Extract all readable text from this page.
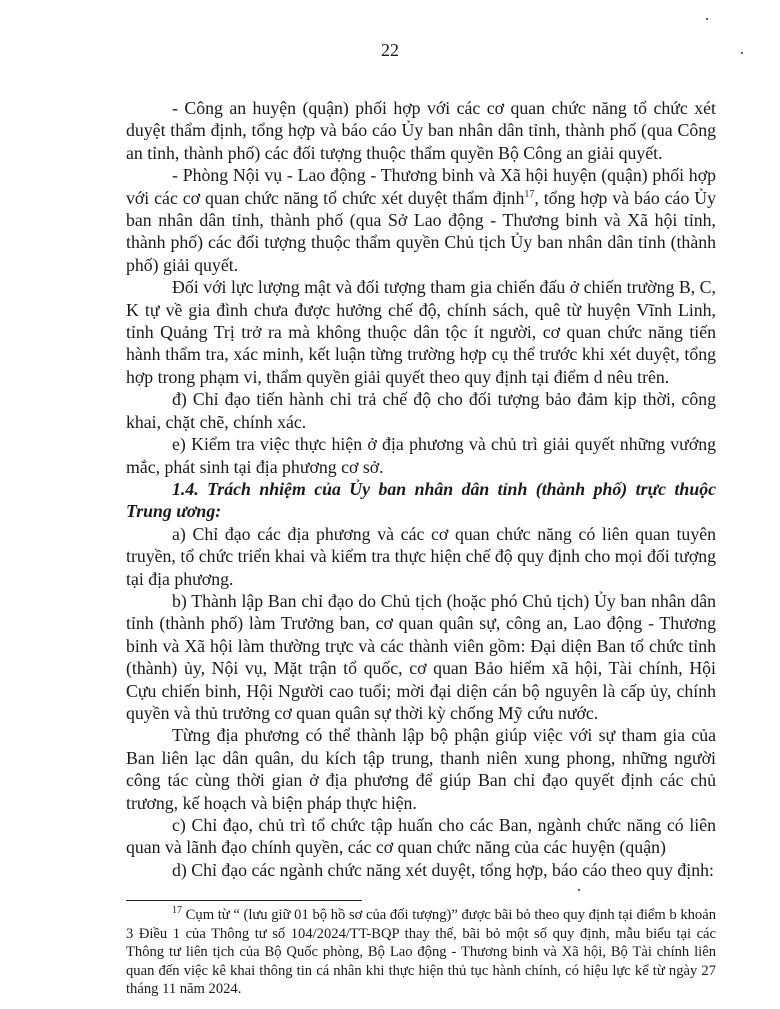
22

- Công an huyện (quận) phối hợp với các cơ quan chức năng tổ chức xét duyệt thẩm định, tổng hợp và báo cáo Ủy ban nhân dân tỉnh, thành phố (qua Công an tỉnh, thành phố) các đối tượng thuộc thẩm quyền Bộ Công an giải quyết.

- Phòng Nội vụ - Lao động - Thương binh và Xã hội huyện (quận) phối hợp với các cơ quan chức năng tổ chức xét duyệt thẩm định$^{17}$, tổng hợp và báo cáo Ủy ban nhân dân tỉnh, thành phố (qua Sở Lao động - Thương binh và Xã hội tỉnh, thành phố) các đối tượng thuộc thẩm quyền Chủ tịch Ủy ban nhân dân tỉnh (thành phố) giải quyết.

Đối với lực lượng mật và đối tượng tham gia chiến đấu ở chiến trường B, C, K tự về gia đình chưa được hưởng chế độ, chính sách, quê từ huyện Vĩnh Linh, tỉnh Quảng Trị trở ra mà không thuộc dân tộc ít người, cơ quan chức năng tiến hành thẩm tra, xác minh, kết luận từng trường hợp cụ thể trước khi xét duyệt, tổng hợp trong phạm vi, thẩm quyền giải quyết theo quy định tại điểm d nêu trên.

đ) Chỉ đạo tiến hành chi trả chế độ cho đối tượng bảo đảm kịp thời, công khai, chặt chẽ, chính xác.

e) Kiểm tra việc thực hiện ở địa phương và chủ trì giải quyết những vướng mắc, phát sinh tại địa phương cơ sở.

1.4. Trách nhiệm của Ủy ban nhân dân tỉnh (thành phố) trực thuộc Trung ương:

a) Chỉ đạo các địa phương và các cơ quan chức năng có liên quan tuyên truyền, tổ chức triển khai và kiểm tra thực hiện chế độ quy định cho mọi đối tượng tại địa phương.

b) Thành lập Ban chỉ đạo do Chủ tịch (hoặc phó Chủ tịch) Ủy ban nhân dân tỉnh (thành phố) làm Trưởng ban, cơ quan quân sự, công an, Lao động - Thương binh và Xã hội làm thường trực và các thành viên gồm: Đại diện Ban tổ chức tỉnh (thành) ủy, Nội vụ, Mặt trận tổ quốc, cơ quan Bảo hiểm xã hội, Tài chính, Hội Cựu chiến binh, Hội Người cao tuổi; mời đại diện cán bộ nguyên là cấp ủy, chính quyền và thủ trưởng cơ quan quân sự thời kỳ chống Mỹ cứu nước.

Từng địa phương có thể thành lập bộ phận giúp việc với sự tham gia của Ban liên lạc dân quân, du kích tập trung, thanh niên xung phong, những người công tác cùng thời gian ở địa phương để giúp Ban chỉ đạo quyết định các chủ trương, kế hoạch và biện pháp thực hiện.

c) Chỉ đạo, chủ trì tổ chức tập huấn cho các Ban, ngành chức năng có liên quan và lãnh đạo chính quyền, các cơ quan chức năng của các huyện (quận)

d) Chỉ đạo các ngành chức năng xét duyệt, tổng hợp, báo cáo theo quy định:

$^{17}$ Cụm từ “ (lưu giữ 01 bộ hồ sơ của đối tượng)” được bãi bỏ theo quy định tại điểm b khoản 3 Điều 1 của Thông tư số 104/2024/TT-BQP thay thế, bãi bỏ một số quy định, mẫu biểu tại các Thông tư liên tịch của Bộ Quốc phòng, Bộ Lao động - Thương binh và Xã hội, Bộ Tài chính liên quan đến việc kê khai thông tin cá nhân khi thực hiện thủ tục hành chính, có hiệu lực kể từ ngày 27 tháng 11 năm 2024.
